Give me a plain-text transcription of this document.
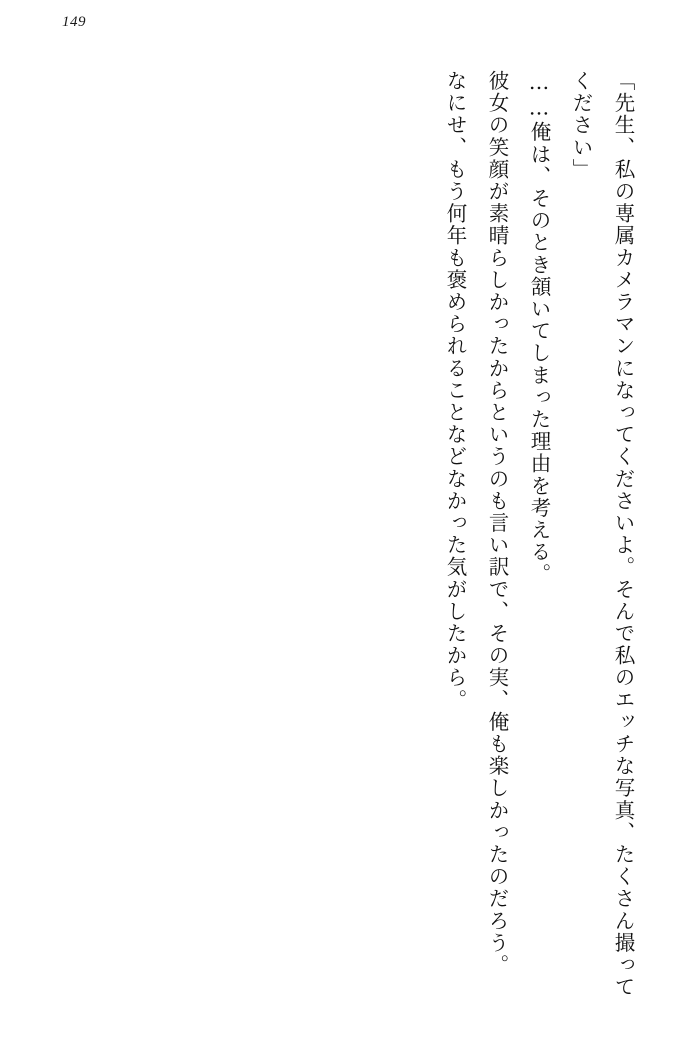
149

「先生、私の専属カメラマンになってくださいよ。そんで私のエッチな写真、たくさん撮ってください」

……俺は、そのとき頷いてしまった理由を考える。

彼女の笑顔が素晴らしかったからというのも言い訳で、その実、俺も楽しかったのだろう。

なにせ、もう何年も褒められることなどなかった気がしたから。
